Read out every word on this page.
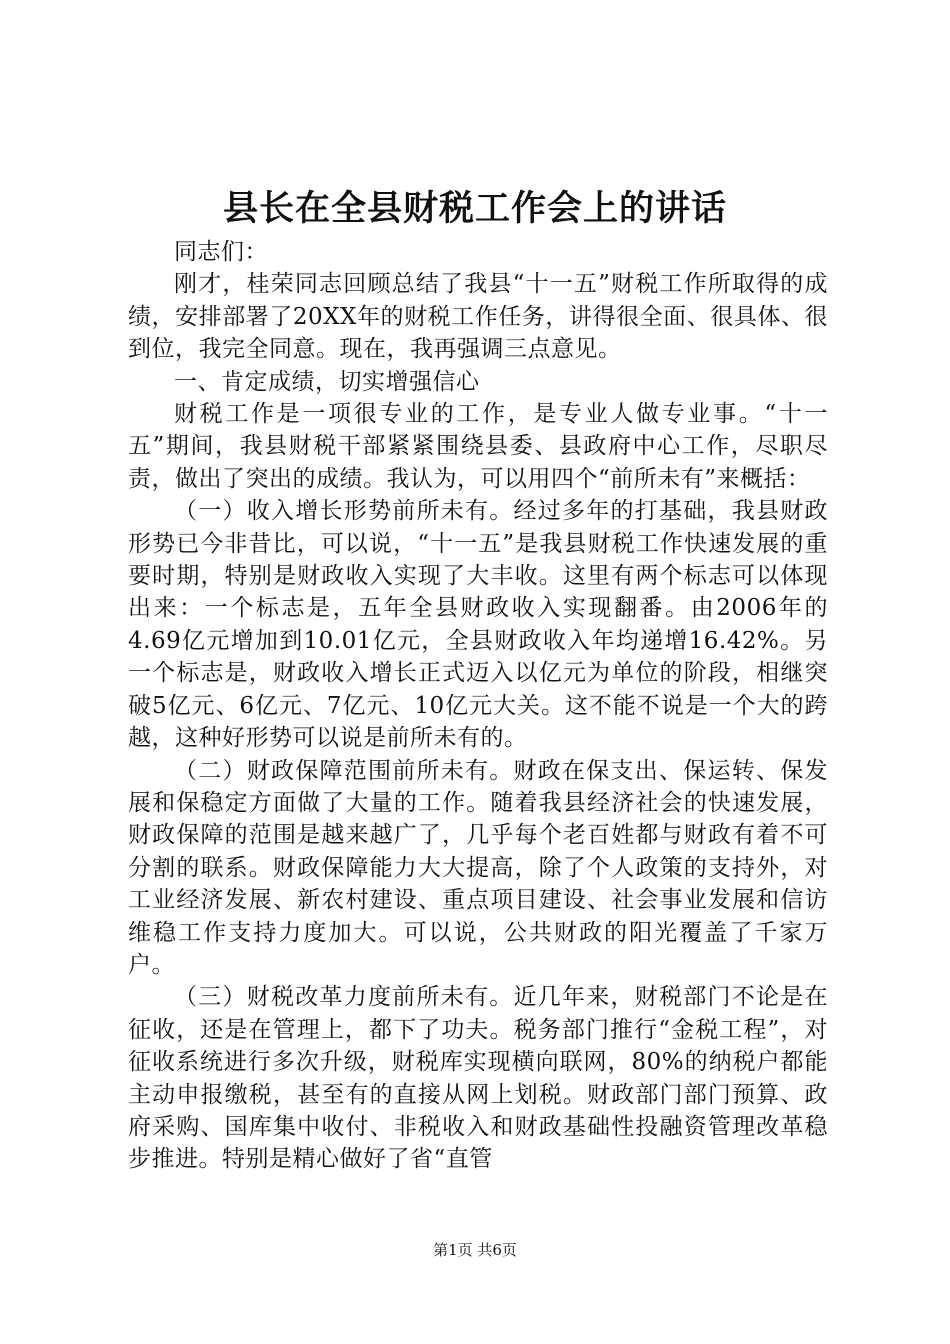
县长在全县财税工作会上的讲话

同志们：

刚才，桂荣同志回顾总结了我县“十一五”财税工作所取得的成绩，安排部署了20XX年的财税工作任务，讲得很全面、很具体、很到位，我完全同意。现在，我再强调三点意见。

一、肯定成绩，切实增强信心

财税工作是一项很专业的工作，是专业人做专业事。“十一五”期间，我县财税干部紧紧围绕县委、县政府中心工作，尽职尽责，做出了突出的成绩。我认为，可以用四个“前所未有”来概括：

（一）收入增长形势前所未有。经过多年的打基础，我县财政形势已今非昔比，可以说，“十一五”是我县财税工作快速发展的重要时期，特别是财政收入实现了大丰收。这里有两个标志可以体现出来：一个标志是，五年全县财政收入实现翻番。由2006年的4.69亿元增加到10.01亿元，全县财政收入年均递增16.42%。另一个标志是，财政收入增长正式迈入以亿元为单位的阶段，相继突破5亿元、6亿元、7亿元、10亿元大关。这不能不说是一个大的跨越，这种好形势可以说是前所未有的。

（二）财政保障范围前所未有。财政在保支出、保运转、保发展和保稳定方面做了大量的工作。随着我县经济社会的快速发展，财政保障的范围是越来越广了，几乎每个老百姓都与财政有着不可分割的联系。财政保障能力大大提高，除了个人政策的支持外，对工业经济发展、新农村建设、重点项目建设、社会事业发展和信访维稳工作支持力度加大。可以说，公共财政的阳光覆盖了千家万户。

（三）财税改革力度前所未有。近几年来，财税部门不论是在征收，还是在管理上，都下了功夫。税务部门推行“金税工程”，对征收系统进行多次升级，财税库实现横向联网，80%的纳税户都能主动申报缴税，甚至有的直接从网上划税。财政部门部门预算、政府采购、国库集中收付、非税收入和财政基础性投融资管理改革稳步推进。特别是精心做好了省“直管

第1页 共6页
